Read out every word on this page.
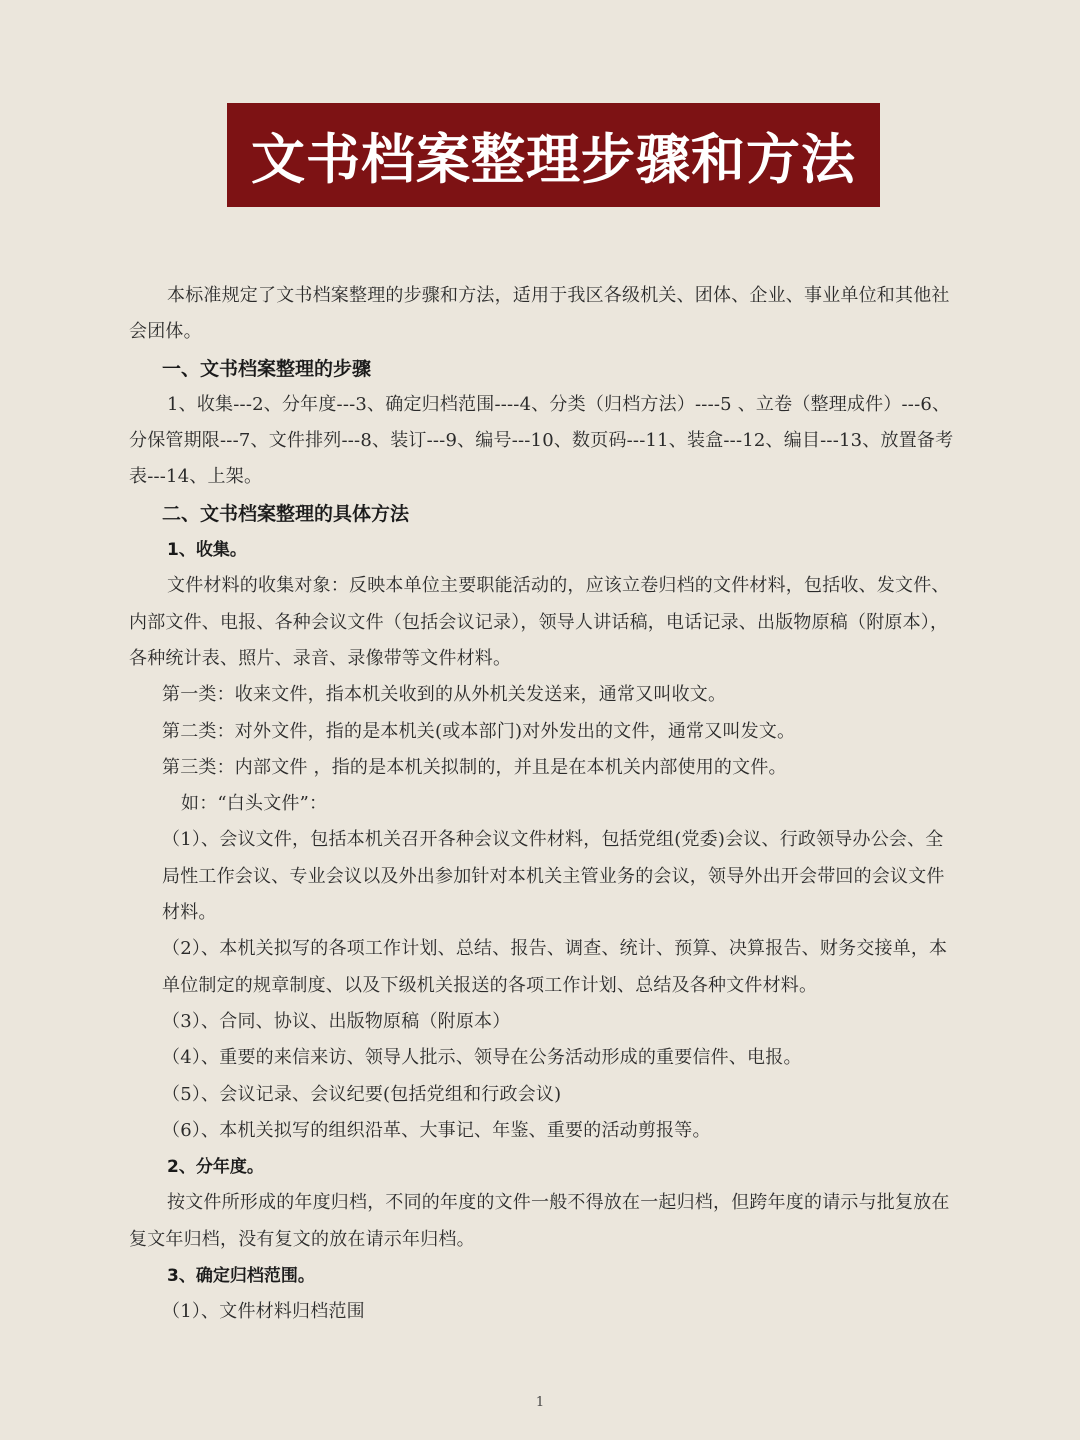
文书档案整理步骤和方法

本标准规定了文书档案整理的步骤和方法，适用于我区各级机关、团体、企业、事业单位和其他社会团体。

一、文书档案整理的步骤

1、收集---2、分年度---3、确定归档范围----4、分类（归档方法）----5 、立卷（整理成件）---6、分保管期限---7、文件排列---8、装订---9、编号---10、数页码---11、装盒---12、编目---13、放置备考表---14、上架。

二、文书档案整理的具体方法

1、收集。

文件材料的收集对象：反映本单位主要职能活动的，应该立卷归档的文件材料，包括收、发文件、内部文件、电报、各种会议文件（包括会议记录），领导人讲话稿，电话记录、出版物原稿（附原本），各种统计表、照片、录音、录像带等文件材料。

第一类：收来文件，指本机关收到的从外机关发送来，通常又叫收文。

第二类：对外文件，指的是本机关(或本部门)对外发出的文件，通常又叫发文。

第三类：内部文件 ，指的是本机关拟制的，并且是在本机关内部使用的文件。

如：“白头文件”：

（1）、会议文件，包括本机关召开各种会议文件材料，包括党组(党委)会议、行政领导办公会、全局性工作会议、专业会议以及外出参加针对本机关主管业务的会议，领导外出开会带回的会议文件材料。

（2）、本机关拟写的各项工作计划、总结、报告、调查、统计、预算、决算报告、财务交接单，本单位制定的规章制度、以及下级机关报送的各项工作计划、总结及各种文件材料。

（3）、合同、协议、出版物原稿（附原本）

（4）、重要的来信来访、领导人批示、领导在公务活动形成的重要信件、电报。

（5）、会议记录、会议纪要(包括党组和行政会议)

（6）、本机关拟写的组织沿革、大事记、年鉴、重要的活动剪报等。

2、分年度。

按文件所形成的年度归档，不同的年度的文件一般不得放在一起归档，但跨年度的请示与批复放在复文年归档，没有复文的放在请示年归档。

3、确定归档范围。

（1）、文件材料归档范围

1
